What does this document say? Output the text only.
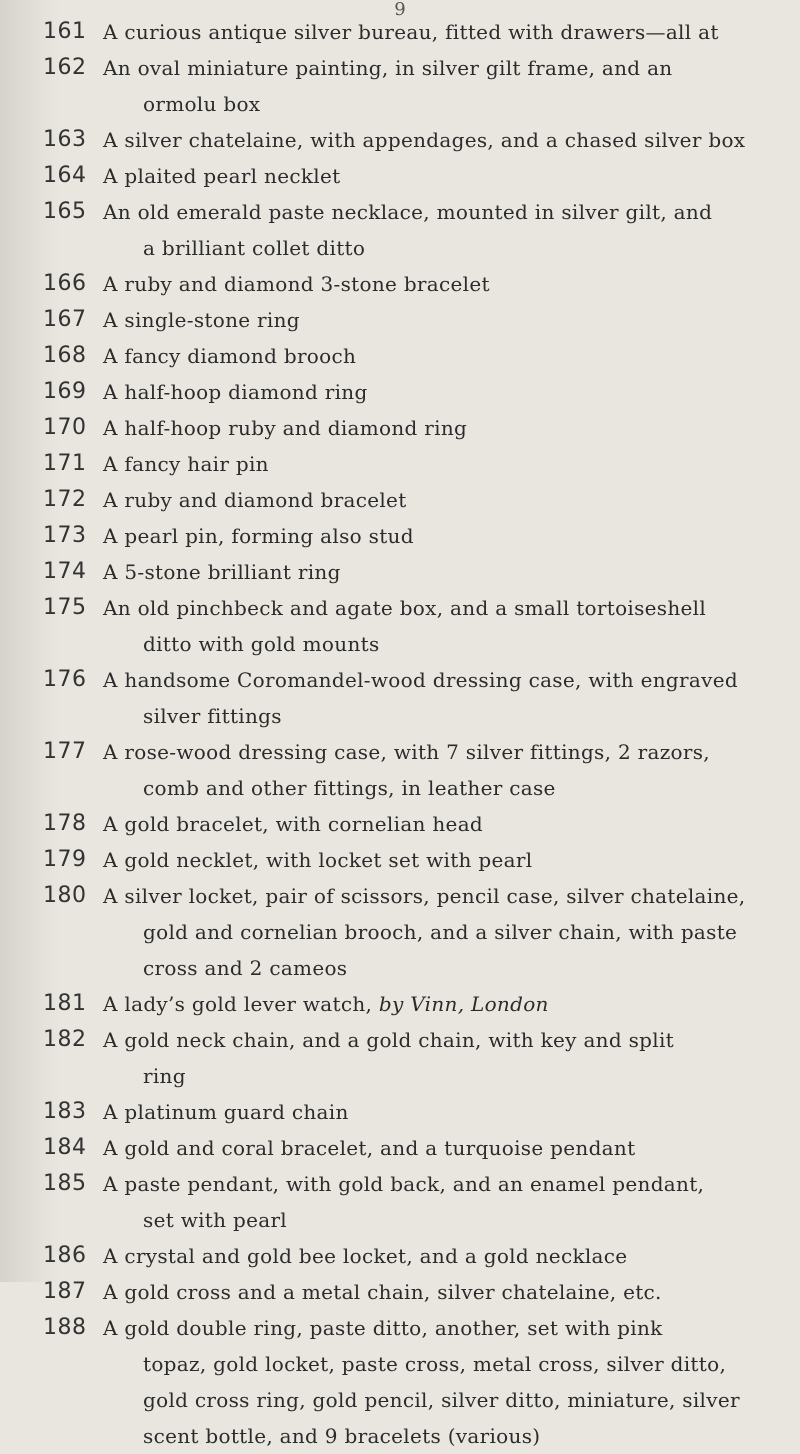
9
161 A curious antique silver bureau, fitted with drawers—all at
162 An oval miniature painting, in silver gilt frame, and an
ormolu box
163 A silver chatelaine, with appendages, and a chased silver box
164 A plaited pearl necklet
165 An old emerald paste necklace, mounted in silver gilt, and
a brilliant collet ditto
166 A ruby and diamond 3-stone bracelet
167 A single-stone ring
168 A fancy diamond brooch
169 A half-hoop diamond ring
170 A half-hoop ruby and diamond ring
171 A fancy hair pin
172 A ruby and diamond bracelet
173 A pearl pin, forming also stud
174 A 5-stone brilliant ring
175 An old pinchbeck and agate box, and a small tortoiseshell
ditto with gold mounts
176 A handsome Coromandel-wood dressing case, with engraved
silver fittings
177 A rose-wood dressing case, with 7 silver fittings, 2 razors,
comb and other fittings, in leather case
178 A gold bracelet, with cornelian head
179 A gold necklet, with locket set with pearl
180 A silver locket, pair of scissors, pencil case, silver chatelaine,
gold and cornelian brooch, and a silver chain, with paste
cross and 2 cameos
181 A lady’s gold lever watch, by Vinn, London
182 A gold neck chain, and a gold chain, with key and split
ring
183 A platinum guard chain
184 A gold and coral bracelet, and a turquoise pendant
185 A paste pendant, with gold back, and an enamel pendant,
set with pearl
186 A crystal and gold bee locket, and a gold necklace
187 A gold cross and a metal chain, silver chatelaine, etc.
188 A gold double ring, paste ditto, another, set with pink
topaz, gold locket, paste cross, metal cross, silver ditto,
gold cross ring, gold pencil, silver ditto, miniature, silver
scent bottle, and 9 bracelets (various)
